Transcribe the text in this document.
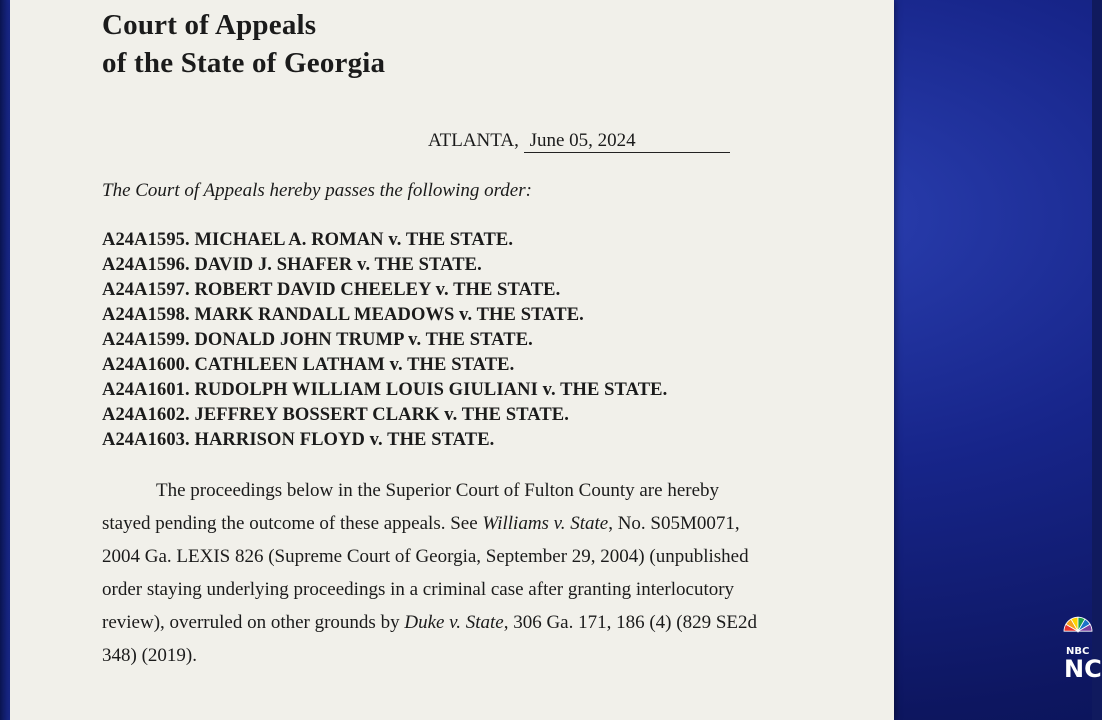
Court of Appeals
of the State of Georgia
ATLANTA, June 05, 2024
The Court of Appeals hereby passes the following order:
A24A1595. MICHAEL A. ROMAN v. THE STATE.
A24A1596. DAVID J. SHAFER v. THE STATE.
A24A1597. ROBERT DAVID CHEELEY v. THE STATE.
A24A1598. MARK RANDALL MEADOWS v. THE STATE.
A24A1599. DONALD JOHN TRUMP v. THE STATE.
A24A1600. CATHLEEN LATHAM v. THE STATE.
A24A1601. RUDOLPH WILLIAM LOUIS GIULIANI v. THE STATE.
A24A1602. JEFFREY BOSSERT CLARK v. THE STATE.
A24A1603. HARRISON FLOYD v. THE STATE.
The proceedings below in the Superior Court of Fulton County are hereby
stayed pending the outcome of these appeals. See Williams v. State, No. S05M0071,
2004 Ga. LEXIS 826 (Supreme Court of Georgia, September 29, 2004) (unpublished
order staying underlying proceedings in a criminal case after granting interlocutory
review), overruled on other grounds by Duke v. State, 306 Ga. 171, 186 (4) (829 SE2d
348) (2019).	NBC
NC
